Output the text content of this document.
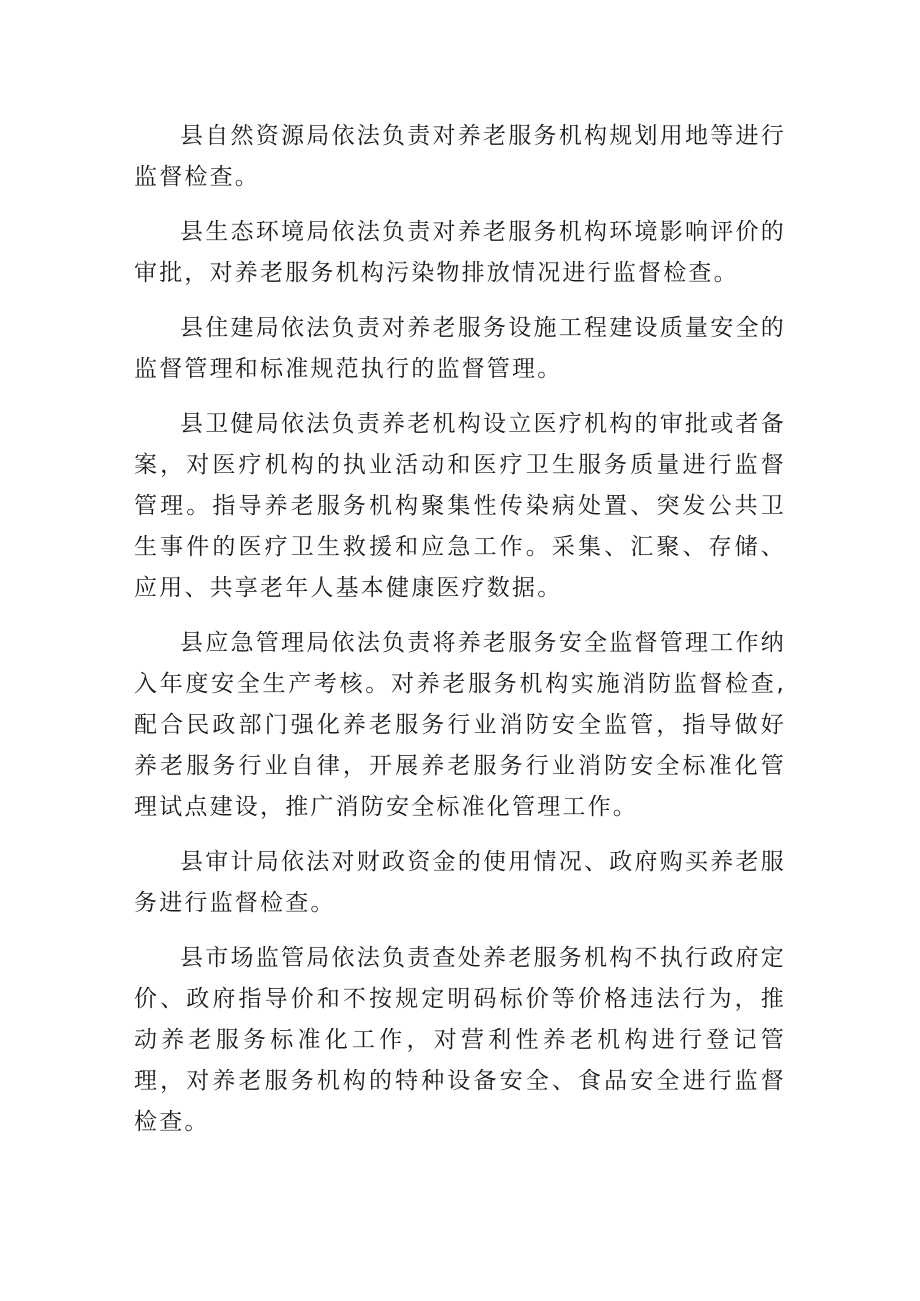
县自然资源局依法负责对养老服务机构规划用地等进行监督检查。

县生态环境局依法负责对养老服务机构环境影响评价的审批，对养老服务机构污染物排放情况进行监督检查。

县住建局依法负责对养老服务设施工程建设质量安全的监督管理和标准规范执行的监督管理。

县卫健局依法负责养老机构设立医疗机构的审批或者备案，对医疗机构的执业活动和医疗卫生服务质量进行监督管理。指导养老服务机构聚集性传染病处置、突发公共卫生事件的医疗卫生救援和应急工作。采集、汇聚、存储、应用、共享老年人基本健康医疗数据。

县应急管理局依法负责将养老服务安全监督管理工作纳入年度安全生产考核。对养老服务机构实施消防监督检查,配合民政部门强化养老服务行业消防安全监管，指导做好养老服务行业自律，开展养老服务行业消防安全标准化管理试点建设，推广消防安全标准化管理工作。

县审计局依法对财政资金的使用情况、政府购买养老服务进行监督检查。

县市场监管局依法负责查处养老服务机构不执行政府定价、政府指导价和不按规定明码标价等价格违法行为，推动养老服务标准化工作，对营利性养老机构进行登记管理，对养老服务机构的特种设备安全、食品安全进行监督检查。
